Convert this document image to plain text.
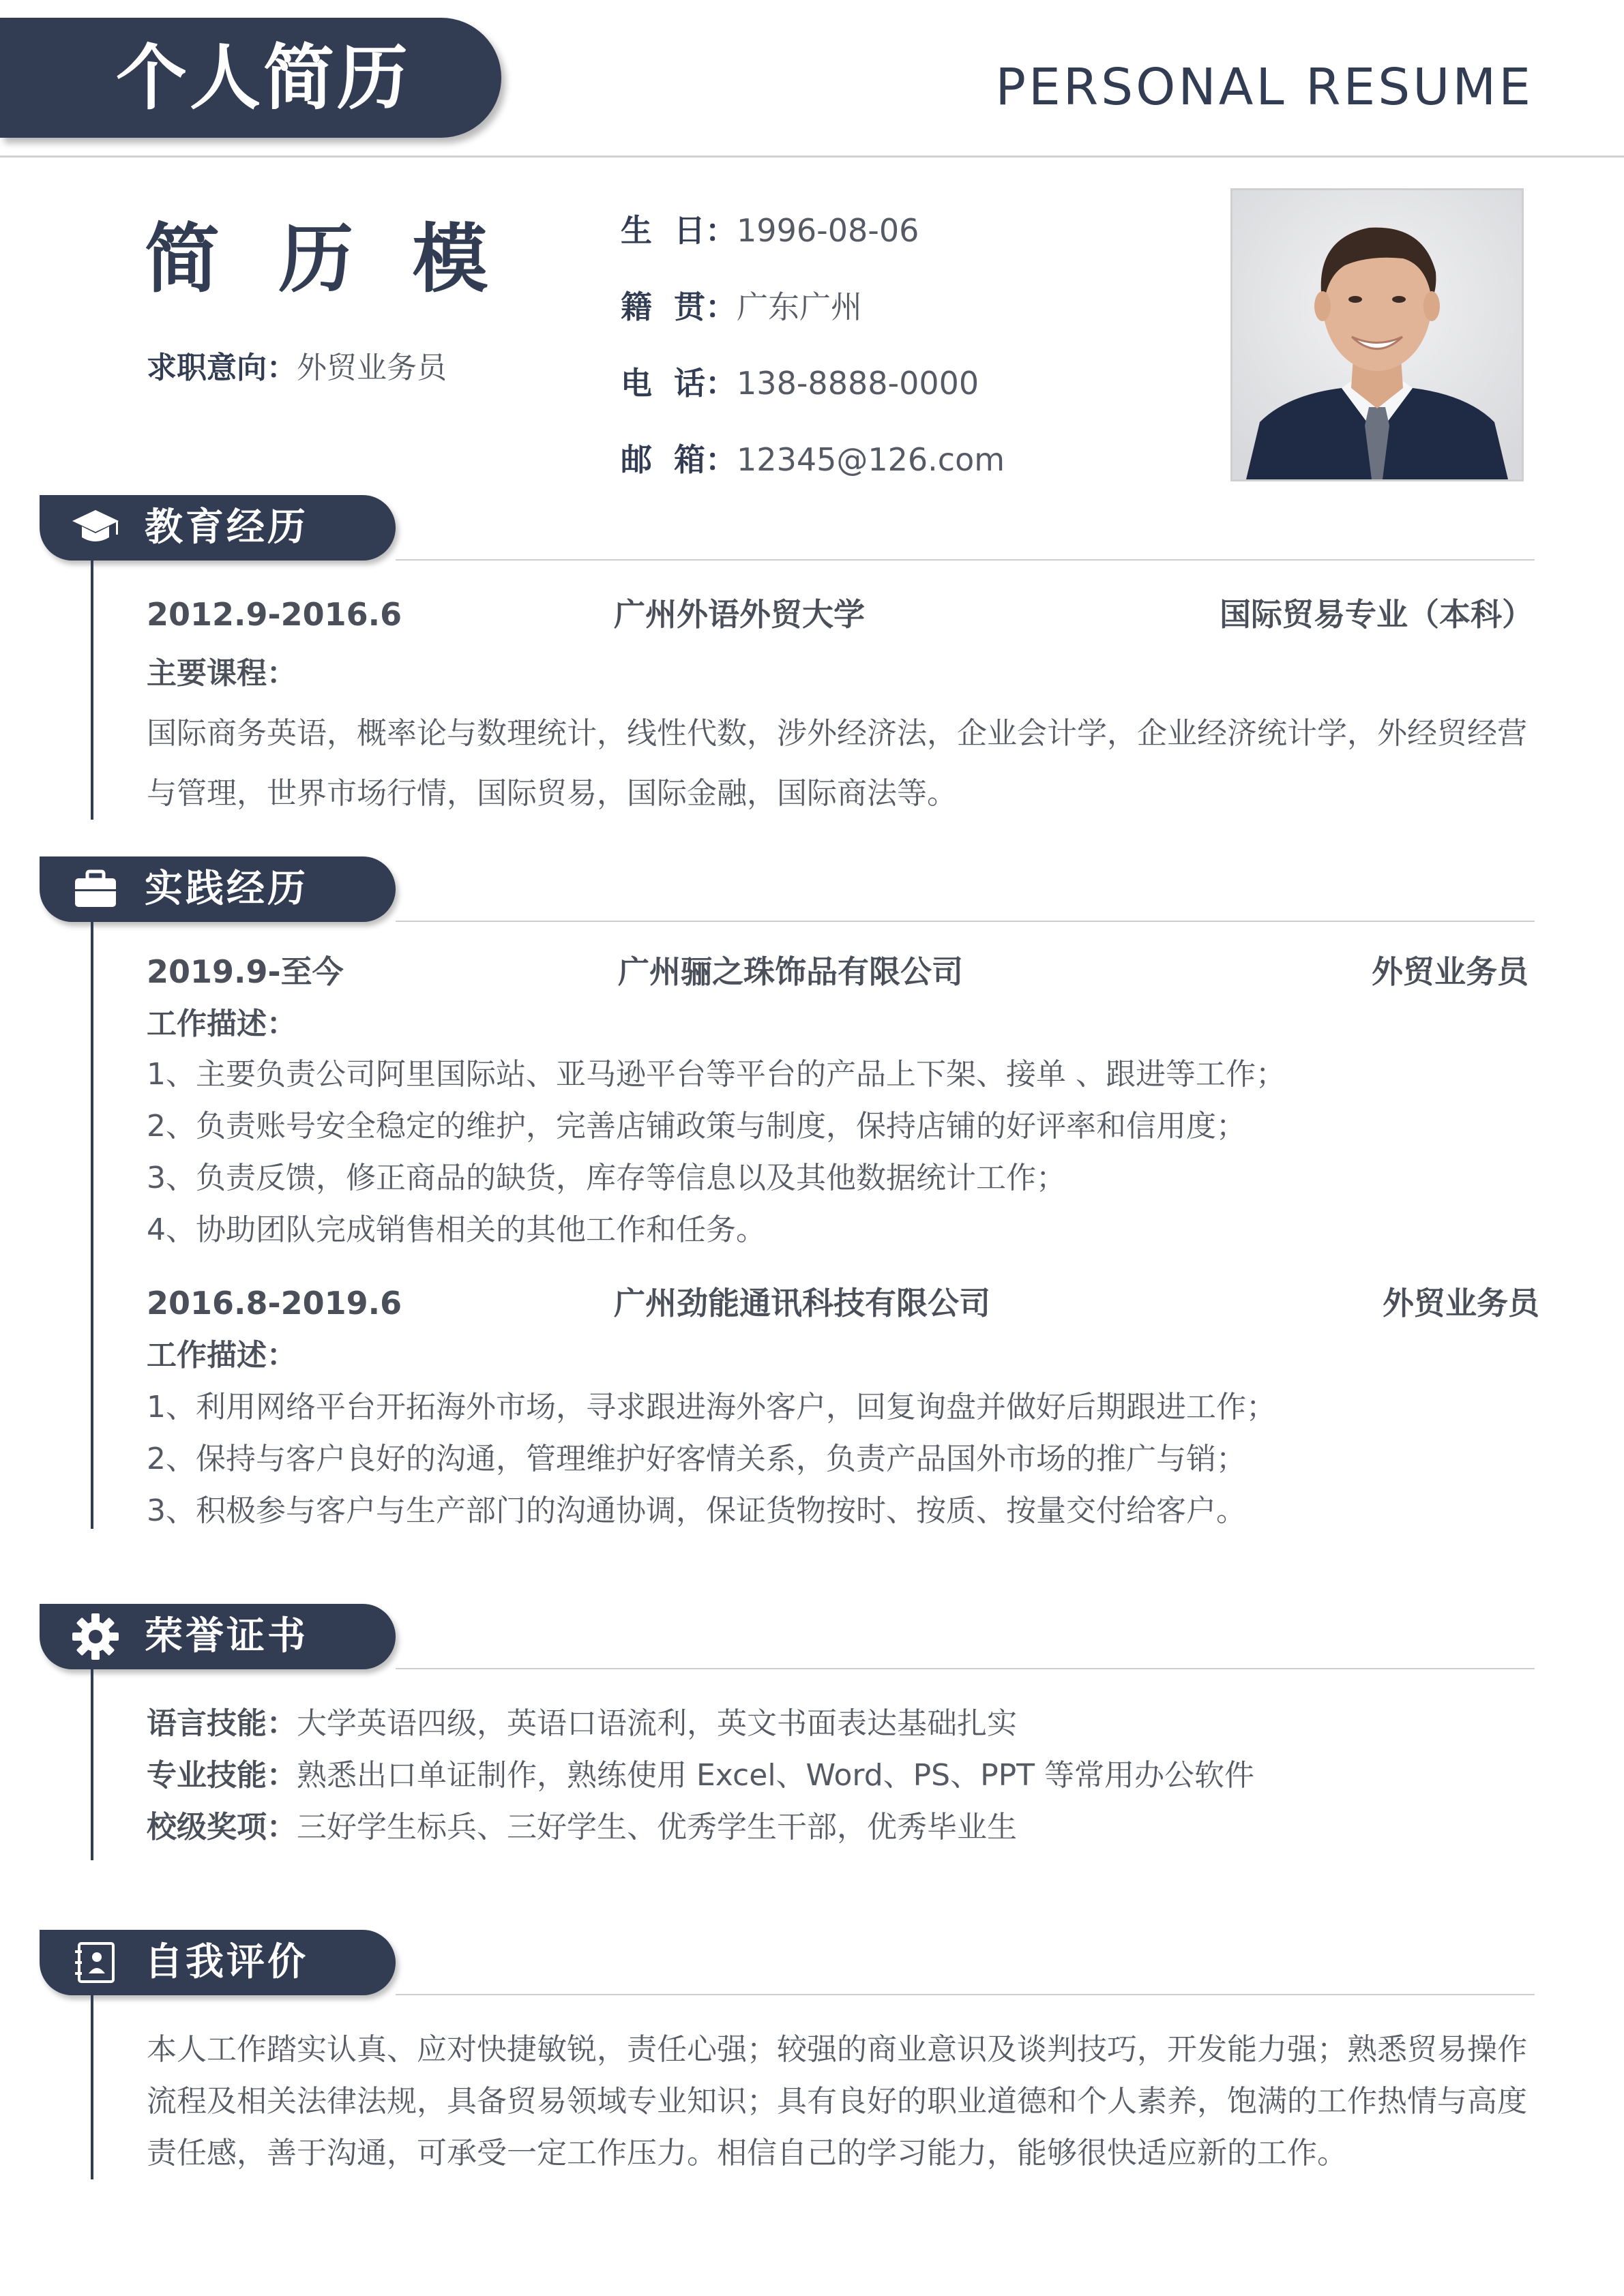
个人简历	PERSONAL RESUME
简 历 模
求职意向：外贸业务员
生  日：1996-08-06
籍  贯：广东广州
电  话：138-8888-0000
邮  箱：12345@126.com
教育经历
2012.9-2016.6	广州外语外贸大学	国际贸易专业（本科）
主要课程：
国际商务英语，概率论与数理统计，线性代数，涉外经济法，企业会计学，企业经济统计学，外经贸经营
与管理，世界市场行情，国际贸易，国际金融，国际商法等。
实践经历
2019.9-至今	广州骊之珠饰品有限公司	外贸业务员
工作描述：
1、主要负责公司阿里国际站、亚马逊平台等平台的产品上下架、接单 、跟进等工作；
2、负责账号安全稳定的维护，完善店铺政策与制度，保持店铺的好评率和信用度；
3、负责反馈，修正商品的缺货，库存等信息以及其他数据统计工作；
4、协助团队完成销售相关的其他工作和任务。
2016.8-2019.6	广州劲能通讯科技有限公司	外贸业务员
工作描述：
1、利用网络平台开拓海外市场，寻求跟进海外客户，回复询盘并做好后期跟进工作；
2、保持与客户良好的沟通，管理维护好客情关系，负责产品国外市场的推广与销；
3、积极参与客户与生产部门的沟通协调，保证货物按时、按质、按量交付给客户。
荣誉证书
语言技能：大学英语四级，英语口语流利，英文书面表达基础扎实
专业技能：熟悉出口单证制作，熟练使用 Excel、Word、PS、PPT 等常用办公软件
校级奖项：三好学生标兵、三好学生、优秀学生干部，优秀毕业生
自我评价
本人工作踏实认真、应对快捷敏锐，责任心强；较强的商业意识及谈判技巧，开发能力强；熟悉贸易操作
流程及相关法律法规，具备贸易领域专业知识；具有良好的职业道德和个人素养，饱满的工作热情与高度
责任感，善于沟通，可承受一定工作压力。相信自己的学习能力，能够很快适应新的工作。
